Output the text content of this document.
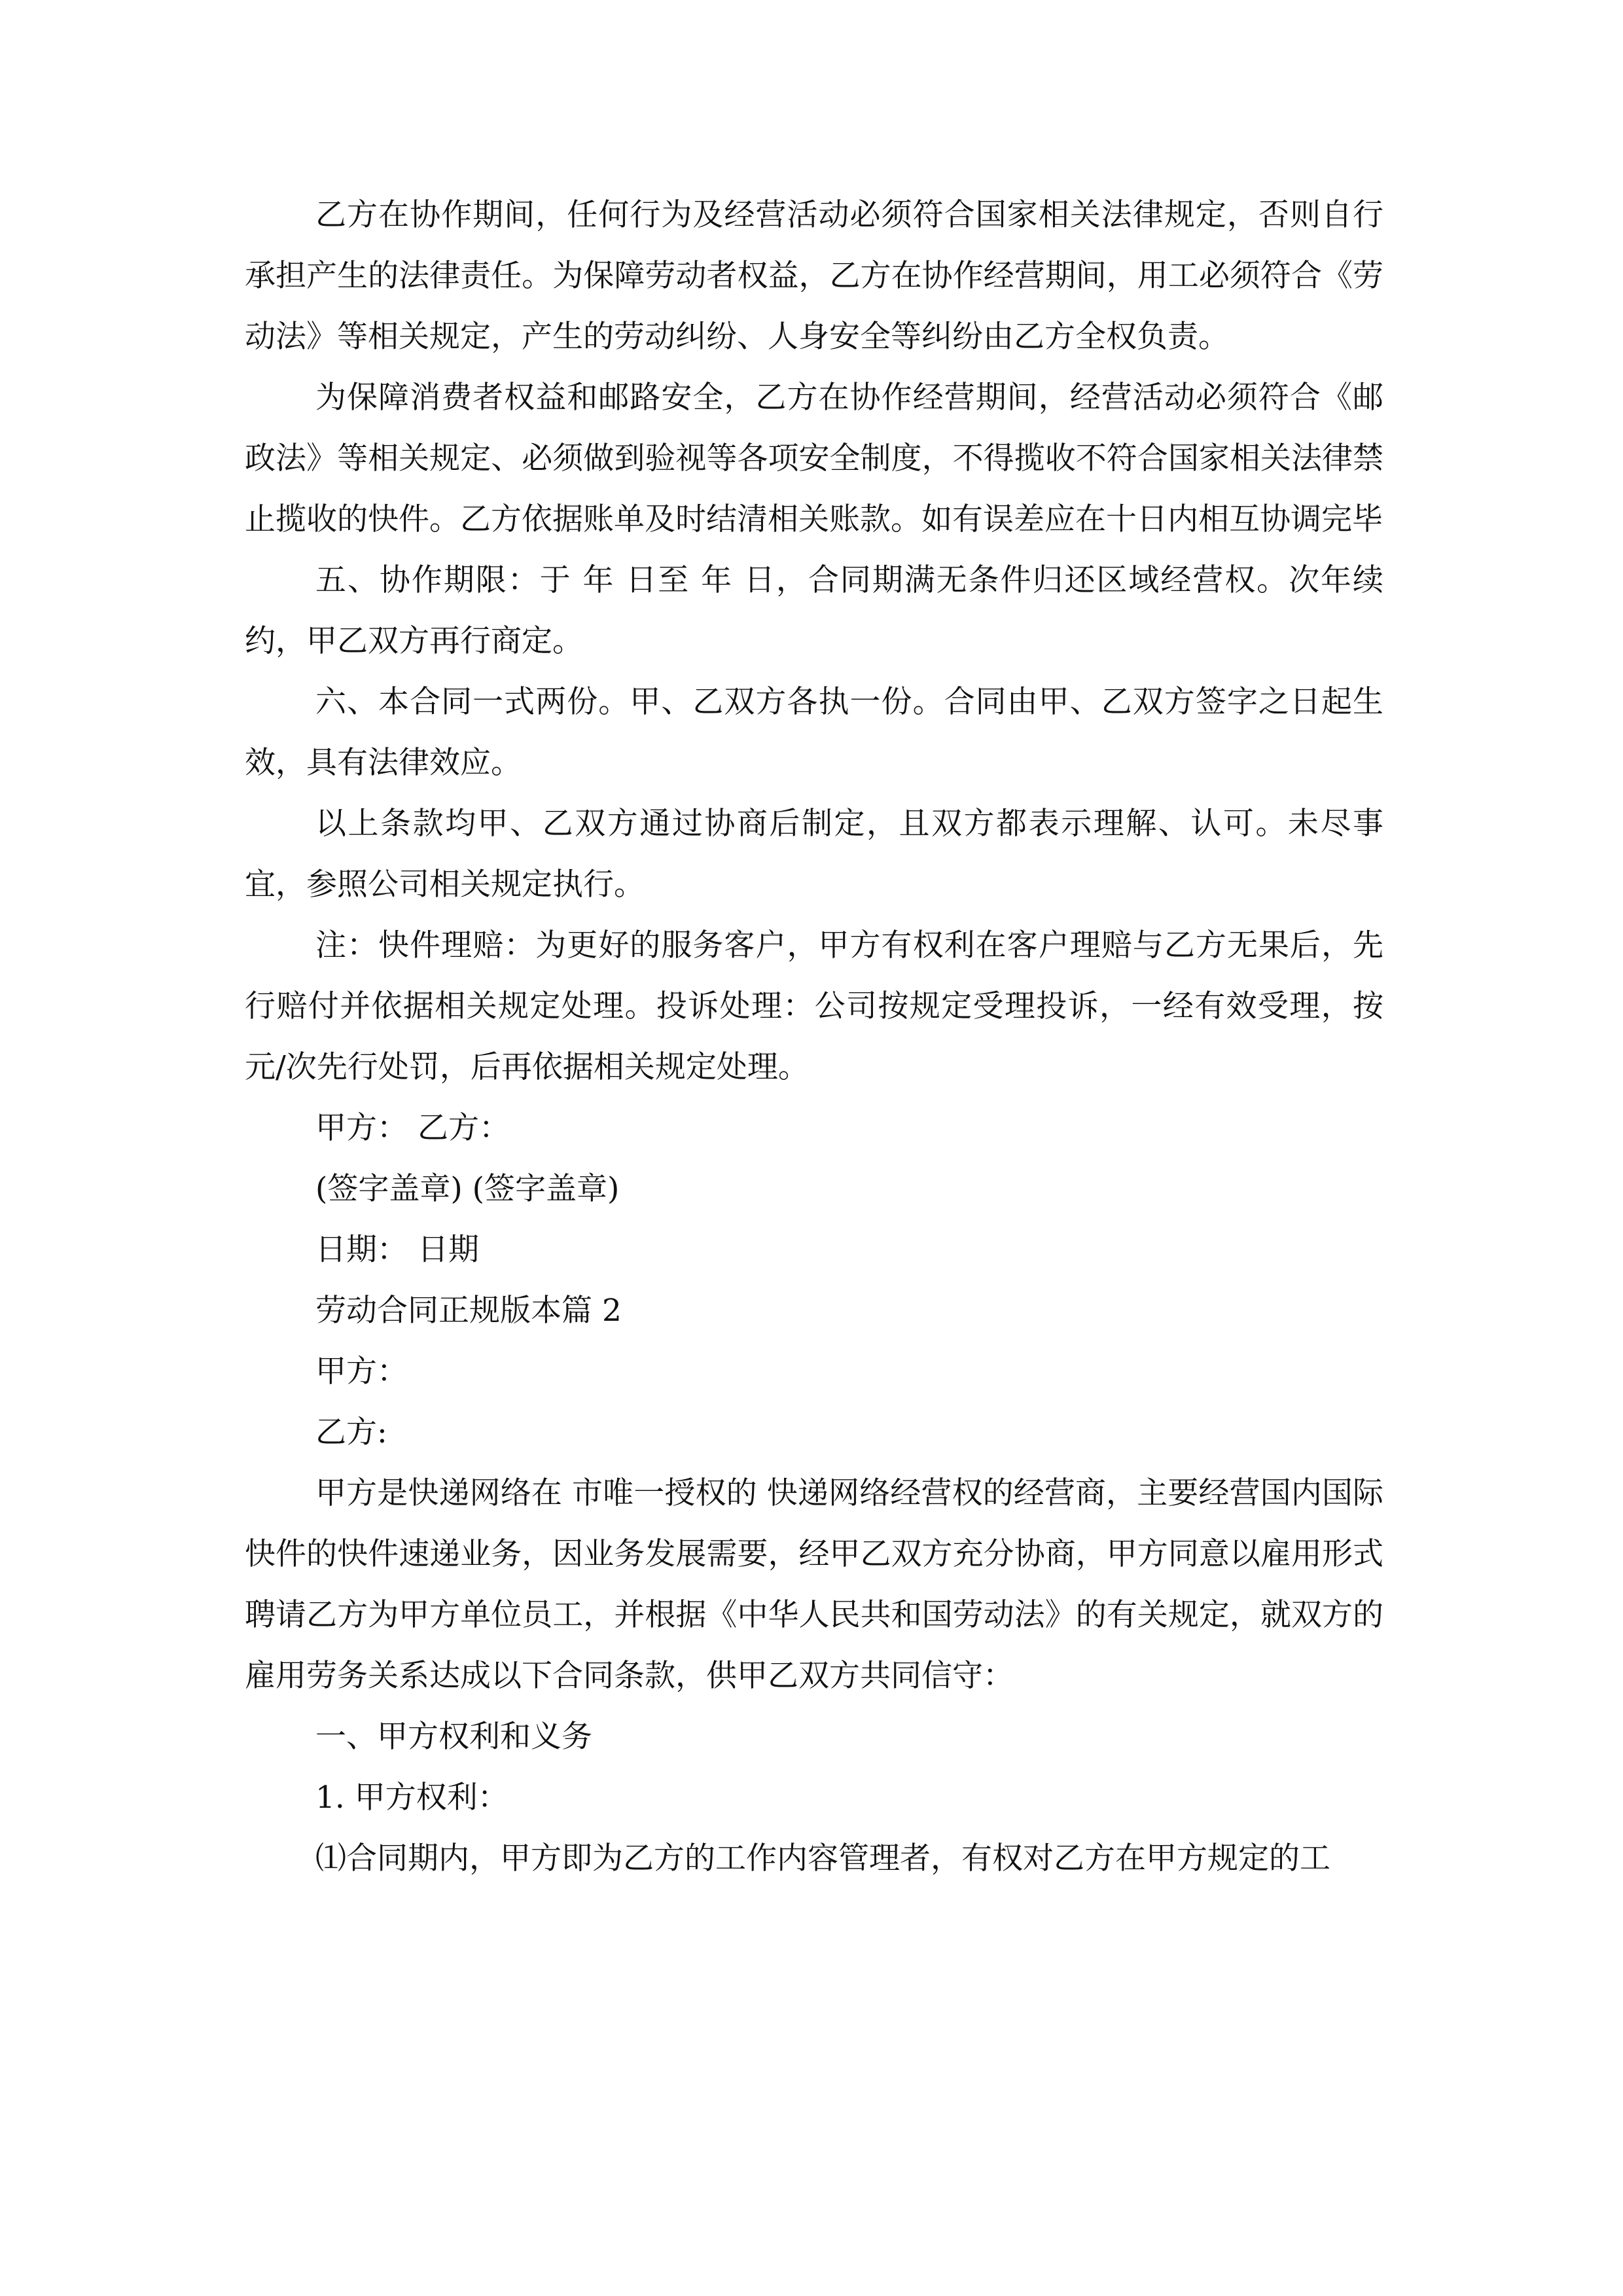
乙方在协作期间，任何行为及经营活动必须符合国家相关法律规定，否则自行承担产生的法律责任。为保障劳动者权益，乙方在协作经营期间，用工必须符合《劳动法》等相关规定，产生的劳动纠纷、人身安全等纠纷由乙方全权负责。

为保障消费者权益和邮路安全，乙方在协作经营期间，经营活动必须符合《邮政法》等相关规定、必须做到验视等各项安全制度，不得揽收不符合国家相关法律禁止揽收的快件。乙方依据账单及时结清相关账款。如有误差应在十日内相互协调完毕

五、协作期限：于 年 日至 年 日，合同期满无条件归还区域经营权。次年续约，甲乙双方再行商定。

六、本合同一式两份。甲、乙双方各执一份。合同由甲、乙双方签字之日起生效，具有法律效应。

以上条款均甲、乙双方通过协商后制定，且双方都表示理解、认可。未尽事宜，参照公司相关规定执行。

注：快件理赔：为更好的服务客户，甲方有权利在客户理赔与乙方无果后，先行赔付并依据相关规定处理。投诉处理：公司按规定受理投诉，一经有效受理，按 元/次先行处罚，后再依据相关规定处理。

甲方： 乙方：

(签字盖章) (签字盖章)

日期： 日期

劳动合同正规版本篇 2

甲方：

乙方:

甲方是快递网络在 市唯一授权的 快递网络经营权的经营商，主要经营国内国际快件的快件速递业务，因业务发展需要，经甲乙双方充分协商，甲方同意以雇用形式聘请乙方为甲方单位员工，并根据《中华人民共和国劳动法》的有关规定，就双方的雇用劳务关系达成以下合同条款，供甲乙双方共同信守：

一、甲方权利和义务

1. 甲方权利：

⑴合同期内，甲方即为乙方的工作内容管理者，有权对乙方在甲方规定的工
